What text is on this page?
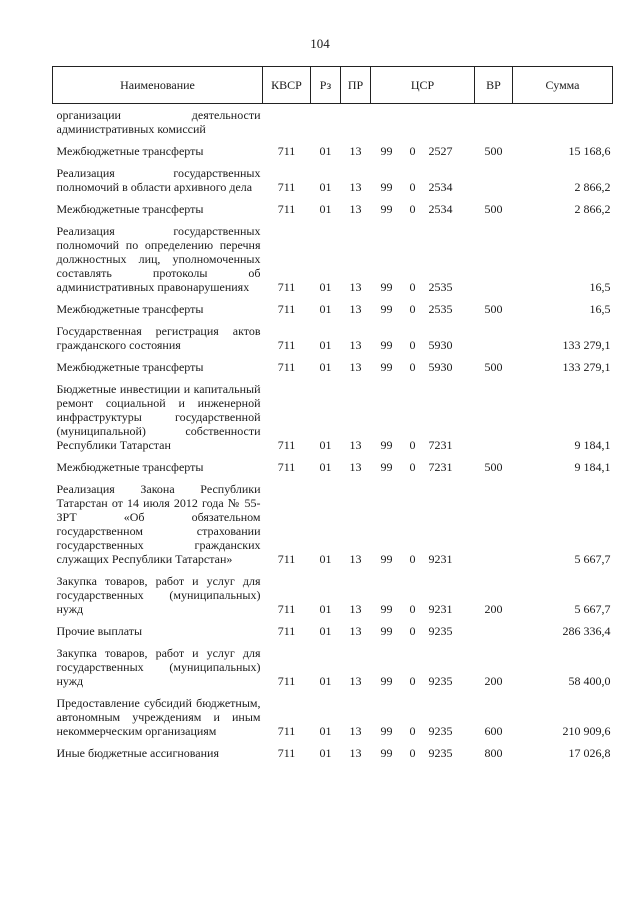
104
Наименование	КВСР	Рз	ПР	ЦСР			ВР	Сумма
организации деятельности административных комиссий								
Межбюджетные трансферты	711	01	13	99	0	2527	500	15 168,6
Реализация государственных полномочий в области архивного дела	711	01	13	99	0	2534		2 866,2
Межбюджетные трансферты	711	01	13	99	0	2534	500	2 866,2
Реализация государственных полномочий по определению перечня должностных лиц, уполномоченных составлять протоколы об административных правонарушениях	711	01	13	99	0	2535		16,5
Межбюджетные трансферты	711	01	13	99	0	2535	500	16,5
Государственная регистрация актов гражданского состояния	711	01	13	99	0	5930		133 279,1
Межбюджетные трансферты	711	01	13	99	0	5930	500	133 279,1
Бюджетные инвестиции и капитальный ремонт социальной и инженерной инфраструктуры государственной (муниципальной) собственности Республики Татарстан	711	01	13	99	0	7231		9 184,1
Межбюджетные трансферты	711	01	13	99	0	7231	500	9 184,1
Реализация Закона Республики Татарстан от 14 июля 2012 года № 55-ЗРТ «Об обязательном государственном страховании государственных гражданских служащих Республики Татарстан»	711	01	13	99	0	9231		5 667,7
Закупка товаров, работ и услуг для государственных (муниципальных) нужд	711	01	13	99	0	9231	200	5 667,7
Прочие выплаты	711	01	13	99	0	9235		286 336,4
Закупка товаров, работ и услуг для государственных (муниципальных) нужд	711	01	13	99	0	9235	200	58 400,0
Предоставление субсидий бюджетным, автономным учреждениям и иным некоммерческим организациям	711	01	13	99	0	9235	600	210 909,6
Иные бюджетные ассигнования	711	01	13	99	0	9235	800	17 026,8
